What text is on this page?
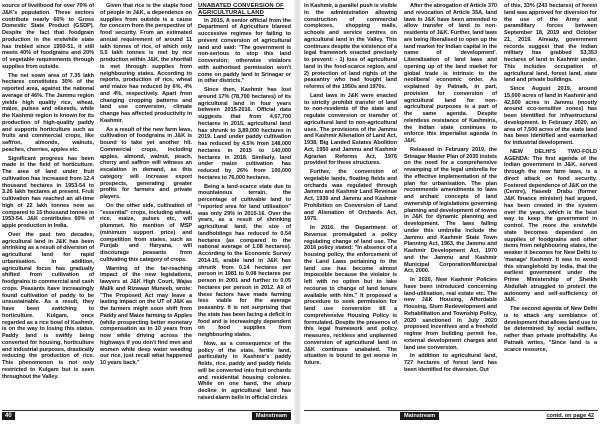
source of livelihood for over 70% of J&K's population. These sectors contribute nearly 60% to Gross Domestic State Product (GSDP). Despite the fact that foodgrain production in the erstwhile state has trebled since 1950-51, it still meets 40% of foodgrains and 20% of vegetable requirements through supplies from outside.

The net sown area of 7.35 lakh hectares constitutes 30% of the reported area, against the national average of 46%. The Jammu region yields high quality rice, wheat, maize, pulses and oilseeds, while the Kashmir region is known for its production of high-quality paddy and supports horticulture such as fruits and commercial crops, like saffron, almonds, walnuts, peaches, cherries, apples etc.

Significant progress has been made in the field of horticulture. The area of land under fruit cultivation has increased from 12.4 thousand hectares in 1953-54 to 3.26 lakh hectares at present. Fruit cultivation has reached an all-time high of 22 lakh tonnes now as compared to 15 thousand tonnes in 1953-54. J&K contributes 60% of apple production in India.

Over the past two decades, agricultural land in J&K has been shrinking as a result of diversion of agricultural land for rapid urbanisation. In addition, agricultural focus has gradually shifted from cultivation of foodgrains to commercial and cash crops. Peasants have increasingly found cultivation of paddy to be unsustainable. As a result, they have been switching to horticulture. Kulgam, once regarded as a rice bowl of Kashmir, is on the way to losing this status. Paddy land is swiftly being converted for housing, horticulture and industrial purposes, drastically reducing the production of rice. This phenomenon is not only restricted to Kulgam but is seen throughout the Valley.

Given that rice is the staple food of people in J&K, a dependence on supplies from outside is a cause for concern from the perspective of food security. From an estimated annual requirement of around 11 lakh tonnes of rice, of which only 5.5 lakh tonnes is met by rice production within J&K, the shortfall is met through supplies from neighbouring states. According to reports, production of rice, wheat and maize has reduced by 6%, 4% and 4%, respectively. Apart from changing cropping patterns and land use conversion, climate change has affected productivity in Kashmir.

As a result of the new farm laws, cultivation of foodgrains in J&K is bound to take yet another hit. Commercial crops, including apples, almond, walnut, peach, cherry and saffron will witness an escalation in demand, as this category will increase export prospects, generating greater profits for farmers and private players.

On the other side, cultivation of "essential" crops, including wheat, rice, maize, pulses etc, will plummet. No mention of MSP (minimum support price) and competition from states, such as Punjab and Haryana, will discourage peasants from cultivating this category of crops.

Warning of the far-reaching impact of the new legislations, lawyers at J&K High Court, Wajas Malik and Rizwaan Muneeb, wrote: "The Proposed Act may leave a lasting impact on the UT of J&K as the farmers might soon shift from Paddy and Maize farming to Apples (while prospecting better monetary compensation as in 10 years from now while driving across the highways if you don't find men and women while deep water weeding our rice, just recall what happened 10 years back."

UNABATED CONVERSION OF AGRICULTURAL LAND

In 2015, A senior official from the Department of Agriculture blamed successive regimes for failing to prevent conversion of agricultural land and said: "The government is non-serious to stop this land conversion; otherwise violators with authorised permission won't come on paddy land in Srinagar or in other districts."

Since then, Kashmir has lost around 17% (78,700 hectares) of its agricultural land in four years between 2015-2016. Official data suggests that from 4,67,700 hectares in 2015, agricultural land has shrunk to 3,89,000 hectares in 2019. Land under paddy cultivation has reduced by 4.5% from 148,000 hectares in 2015 to 140,000 hectares in 2018. Similarly, land under maize cultivation has reduced by 26% from 100,000 hectares to 76,000 hectares.

Being a land-scarce state due to mountainous terrain, the percentage of cultivable land to "reported area for land utilisation" was only 29% in 2015-16. Over the years, as a result of shrinking agricultural land, the size of landholdings has reduced to 0.54 hectares (as compared to the national average of 1.08 hectares). According to the Economic Survey 2014-15, arable land in J&K has shrunk from 0.14 hectares per person in 1981 to 0.08 hectares per person in 2001 and further to 0.05 hectares per person in 2012. All of these factors have made farming less viable for the average peasantry. It is not surprising that the state has been facing a deficit in food and is increasingly dependent on food supplies from neighbouring states.

Now, as a consequence of the policy of the state, fertile land, particularly in Kashmir's paddy fields, rice, paddy and paddy fields will be converted into fruit orchards and residential housing colonies. While on one hand, the sharp decline in agricultural land has raised alarm bells in official circles

40	Mainstream

in Kashmir, a parallel push is visible in the administration allowing construction of commercial complexes, shopping malls, schools and service centres on agricultural land in the Valley. This continues despite the existence of a legal framework enacted precisely to prevent: - 1) loss of agricultural land in the food-scarce region, and 2) protection of land rights of the peasantry who had fought land reforms of the 1950s and 1970s.

Land laws in J&K were enacted to strictly prohibit transfer of land to non-residents of the state and regulate conversion or transfer of agricultural land to non-agricultural uses. The provisions of the Jammu and Kashmir Alienation of Land Act, 1938, Big Landed Estates Abolition Act, 1950 and Jammu and Kashmir Agrarian Reforms Act, 1976 provided for these structures.

Further, the conversion of vegetable lands, floating fields and orchards was regulated through Jammu and Kashmir Land Revenue Act, 1939 and Jammu and Kashmir Prohibition on Conversion of Land and Alienation of Orchards Act, 1975.

In 2016, the Department of Revenue promulgated a policy regulating change of land use. The 2016 policy stated: "In absence of a housing policy, the enforcement of the Land Laws pertaining to the land use has become almost impossible because the violator is left with no option but to take recourse to change of land tenure available with him." It proposed a procedure to seek permission for land use conversion till a comprehensive Housing Policy is formulated. Despite the presence of this legal framework and policy measures, reckless and unplanned conversion of agricultural land in J&K continues unabated. The situation is bound to get worse in future.

After the abrogation of Article 370 and revocation of Article 35A, land laws in J&K have been amended to allow transfer of land to non-residents of J&K. Further, land laws are being liberalised to open up the land market for Indian capital in the name of 'development'. Liberalisation of land laws and opening up of the land market for global trade is intrinsic to the neoliberal economic order. As explained by Patnaik, in part, provision for conversion of agricultural land for non-agricultural purposes is a part of the same agenda. Despite relentless resistance of Kashmiris, the Indian state continues to enforce this imperialist agenda in J&K.

Released in February 2019, the Srinagar Master Plan of 2035 insists on the need for a comprehensive revamping of the legal umbrella for the effective implementation of the plan for urbanisation. The plan recommends amendments to laws and archaic concepts of land ownership of legislations governing planning and development of towns in J&K for dynamic planning and development. The laws falling under this umbrella include the Jammu and Kashmir State Town Planning Act, 1963, the Jammu and Kashmir Development Act, 1970 and the Jammu and Kashmir Municipal Corporation/Municipal Act, 2000.

In 2020, New Kashmir Policies have been introduced concerning land-utilisation, real estate etc. The new J&K Housing, Affordable Housing, Slum Redevelopment and Rehabilitation and Township Policy, 2020 sanctioned in July 2020 proposed incentives and a freehold regime from building permit fee, external development charges and land use conversion.

In addition to agricultural land, 727 hectares of forest land has been identified for diversion. Out

of this, 33% (243 hectares) of forest land was approved for diversion for the use of the Army and paramilitary forces between September 18, 2019 and October 21, 2019. Already, government records suggest that the Indian military has grabbed 53,353 hectares of land in Kashmir under. This includes occupation of agricultural land, forest land, state land and private buildings.

Since August 2019, around 15,000 acres of land in Kashmir and 42,500 acres in Jammu (mostly around eco-sensitive zones) has been identified for infrastructural development. In February 2020, an area of 7,500 acres of the state land has been identified and earmarked for industrial development.

NEW DELHI'S TWO-FOLD AGENDA: The first agenda of the Indian government in J&K, served through the new farm laws, is a direct attack on food security. Fostered dependence of J&K on the (Centre), Haseeb Drabu (former J&K finance minister) had argued, has been created in the system over the years, which is the best way to keep the government in control. The more the erstwhile state becomes dependent on supplies of foodgrains and other items from neighbouring states, the weaker it becomes for New Delhi to 'manage' Kashmir. It was to avoid this stranglehold by India, that the earliest government under the Prime Ministership of Sheikh Abdullah struggled to protect the autonomy and self-sufficiency of J&K.

The second agenda of New Delhi is to attack any semblance of development that allows land use to be determined by social welfare, rather than private profitability. As Patnaik writes, "Since land is a scarce resource,

Mainstream	contd. on page 42
